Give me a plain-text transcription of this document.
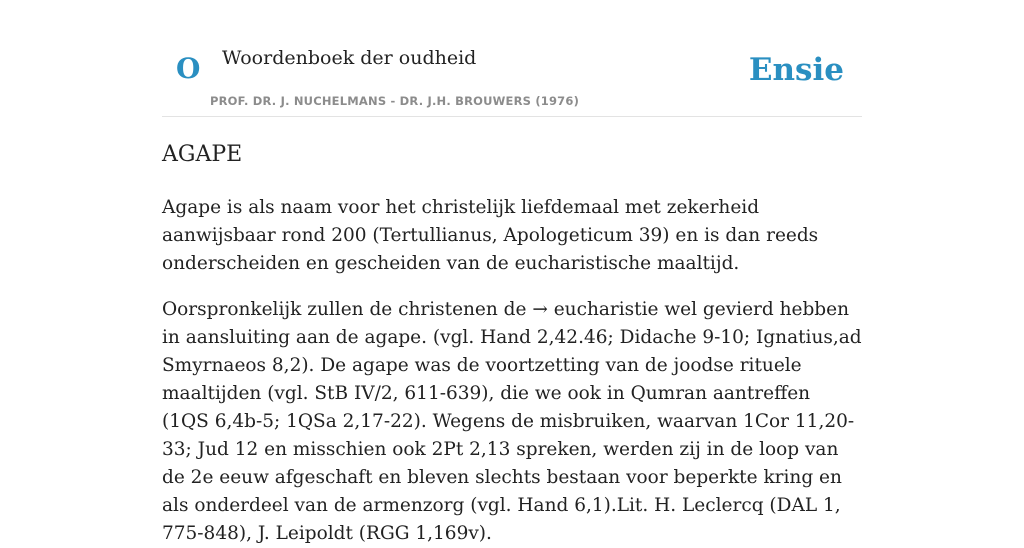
O Woordenboek der oudheid
PROF. DR. J. NUCHELMANS - DR. J.H. BROUWERS (1976)
Ensie
AGAPE

Agape is als naam voor het christelijk liefdemaal met zekerheid aanwijsbaar rond 200 (Tertullianus, Apologeticum 39) en is dan reeds onderscheiden en gescheiden van de eucharistische maaltijd.

Oorspronkelijk zullen de christenen de → eucharistie wel gevierd hebben in aansluiting aan de agape. (vgl. Hand 2,42.46; Didache 9-10; Ignatius,ad Smyrnaeos 8,2). De agape was de voortzetting van de joodse rituele maaltijden (vgl. StB IV/2, 611-639), die we ook in Qumran aantreffen (1QS 6,4b-5; 1QSa 2,17-22). Wegens de misbruiken, waarvan 1Cor 11,20-33; Jud 12 en misschien ook 2Pt 2,13 spreken, werden zij in de loop van de 2e eeuw afgeschaft en bleven slechts bestaan voor beperkte kring en als onderdeel van de armenzorg (vgl. Hand 6,1).Lit. H. Leclercq (DAL 1, 775-848), J. Leipoldt (RGG 1,169v).
